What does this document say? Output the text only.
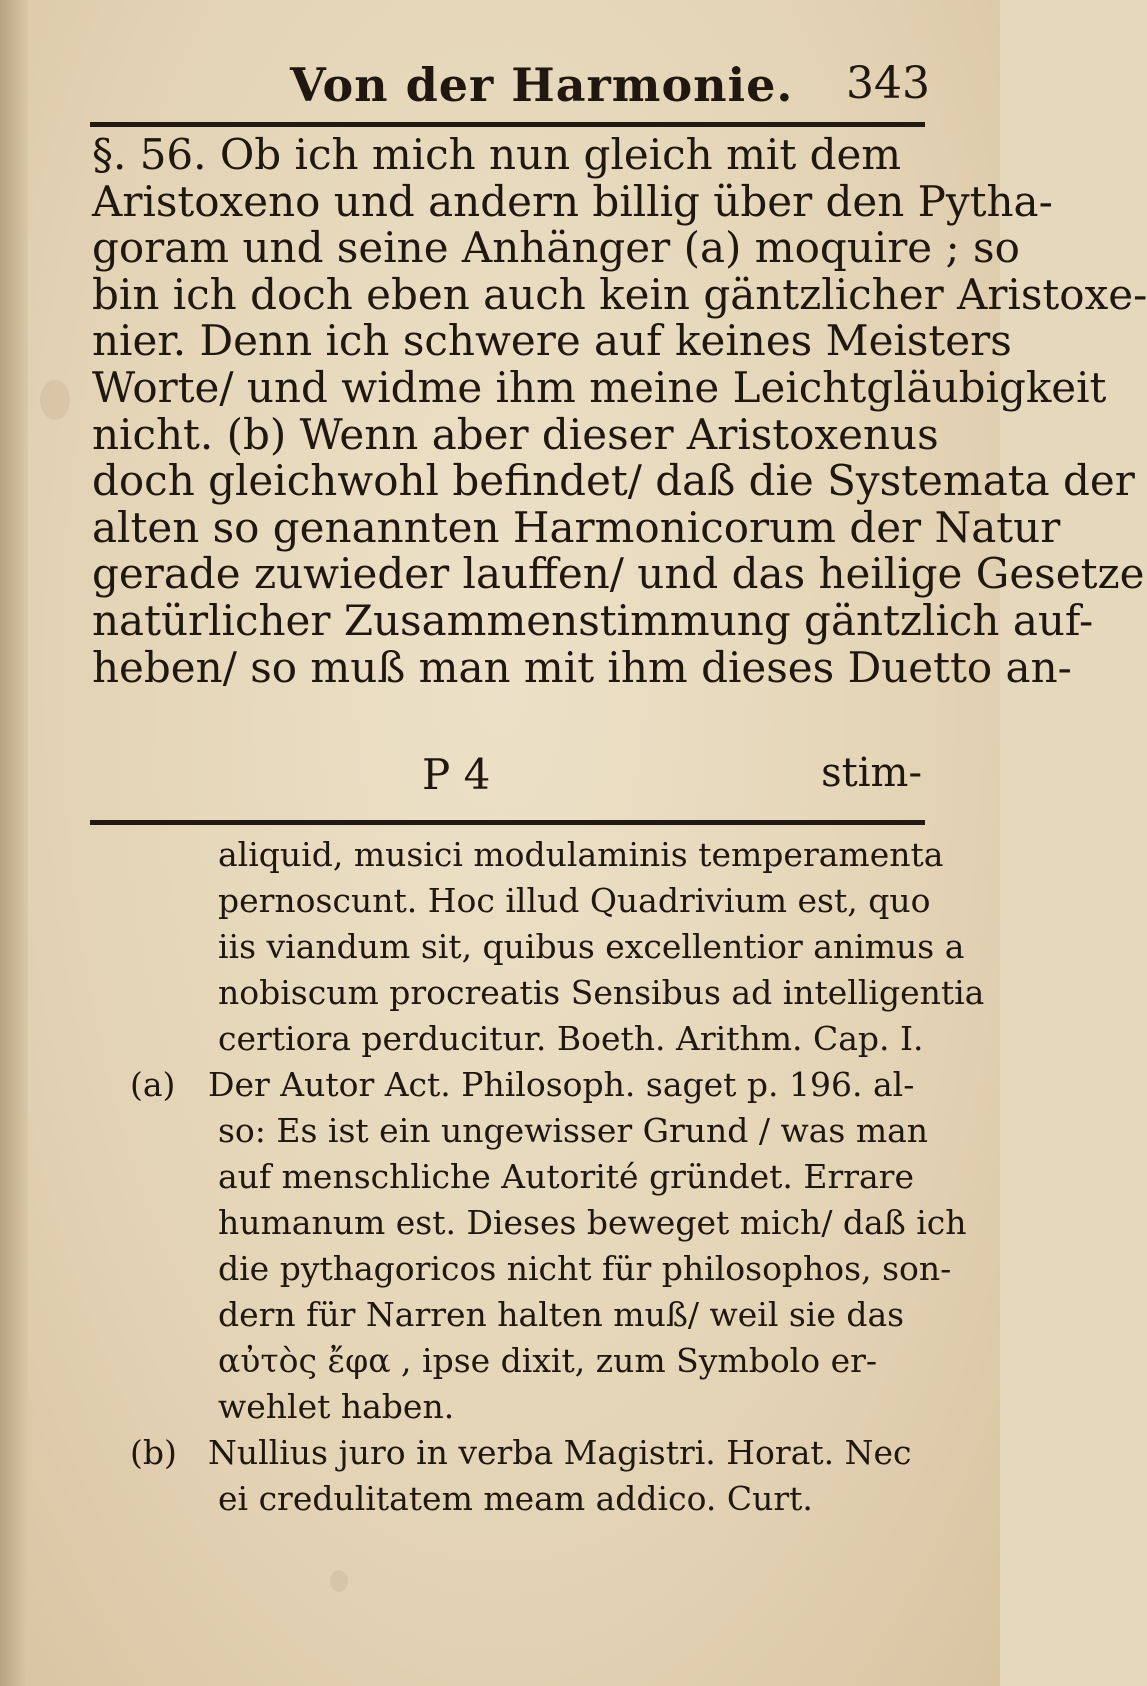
Von der Harmonie. 343
§. 56. Ob ich mich nun gleich mit dem
Aristoxeno und andern billig über den Pytha-
goram und seine Anhänger (a) moquire ; so
bin ich doch eben auch kein gäntzlicher Aristoxe-
nier. Denn ich schwere auf keines Meisters
Worte/ und widme ihm meine Leichtgläubigkeit
nicht. (b) Wenn aber dieser Aristoxenus
doch gleichwohl befindet/ daß die Systemata der
alten so genannten Harmonicorum der Natur
gerade zuwieder lauffen/ und das heilige Gesetze
natürlicher Zusammenstimmung gäntzlich auf-
heben/ so muß man mit ihm dieses Duetto an-
P 4	stim-
aliquid, musici modulaminis temperamenta
pernoscunt. Hoc illud Quadrivium est, quo
iis viandum sit, quibus excellentior animus a
nobiscum procreatis Sensibus ad intelligentia
certiora perducitur. Boeth. Arithm. Cap. I.
(a) Der Autor Act. Philosoph. saget p. 196. al-
so: Es ist ein ungewisser Grund / was man
auf menschliche Autorité gründet. Errare
humanum est. Dieses beweget mich/ daß ich
die pythagoricos nicht für philosophos, son-
dern für Narren halten muß/ weil sie das
αὐτὸς ἔφα , ipse dixit, zum Symbolo er-
wehlet haben.
(b) Nullius juro in verba Magistri. Horat. Nec
ei credulitatem meam addico. Curt.
